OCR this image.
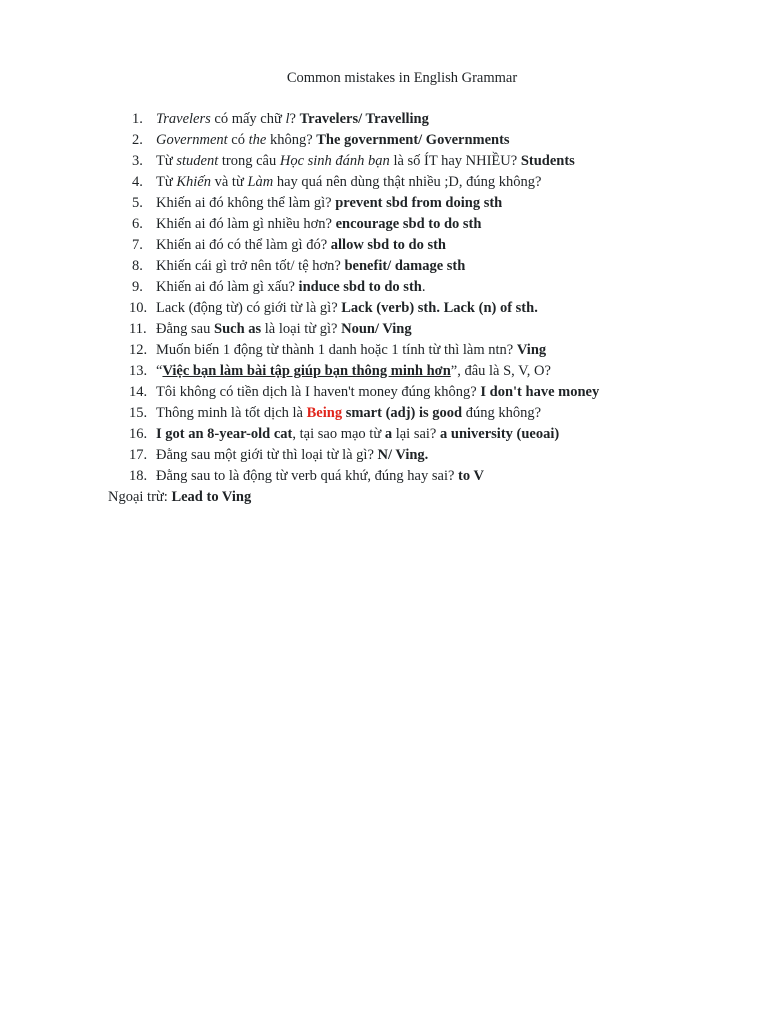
Common mistakes in English Grammar
1. Travelers có mấy chữ l? Travelers/ Travelling
2. Government có the không? The government/ Governments
3. Từ student trong câu Học sinh đánh bạn là số ÍT hay NHIỀU? Students
4. Từ Khiến và từ Làm hay quá nên dùng thật nhiều ;D, đúng không?
5. Khiến ai đó không thể làm gì? prevent sbd from doing sth
6. Khiến ai đó làm gì nhiều hơn? encourage sbd to do sth
7. Khiến ai đó có thể làm gì đó? allow sbd to do sth
8. Khiến cái gì trở nên tốt/ tệ hơn? benefit/ damage sth
9. Khiến ai đó làm gì xấu? induce sbd to do sth.
10. Lack (động từ) có giới từ là gì? Lack (verb) sth. Lack (n) of sth.
11. Đằng sau Such as là loại từ gì? Noun/ Ving
12. Muốn biến 1 động từ thành 1 danh hoặc 1 tính từ thì làm ntn? Ving
13. “Việc bạn làm bài tập giúp bạn thông minh hơn”, đâu là S, V, O?
14. Tôi không có tiền dịch là I haven't money đúng không? I don't have money
15. Thông minh là tốt dịch là Being smart (adj) is good đúng không?
16. I got an 8-year-old cat, tại sao mạo từ a lại sai? a university (ueoai)
17. Đằng sau một giới từ thì loại từ là gì? N/ Ving.
18. Đằng sau to là động từ verb quá khứ, đúng hay sai? to V
Ngoại trừ: Lead to Ving
